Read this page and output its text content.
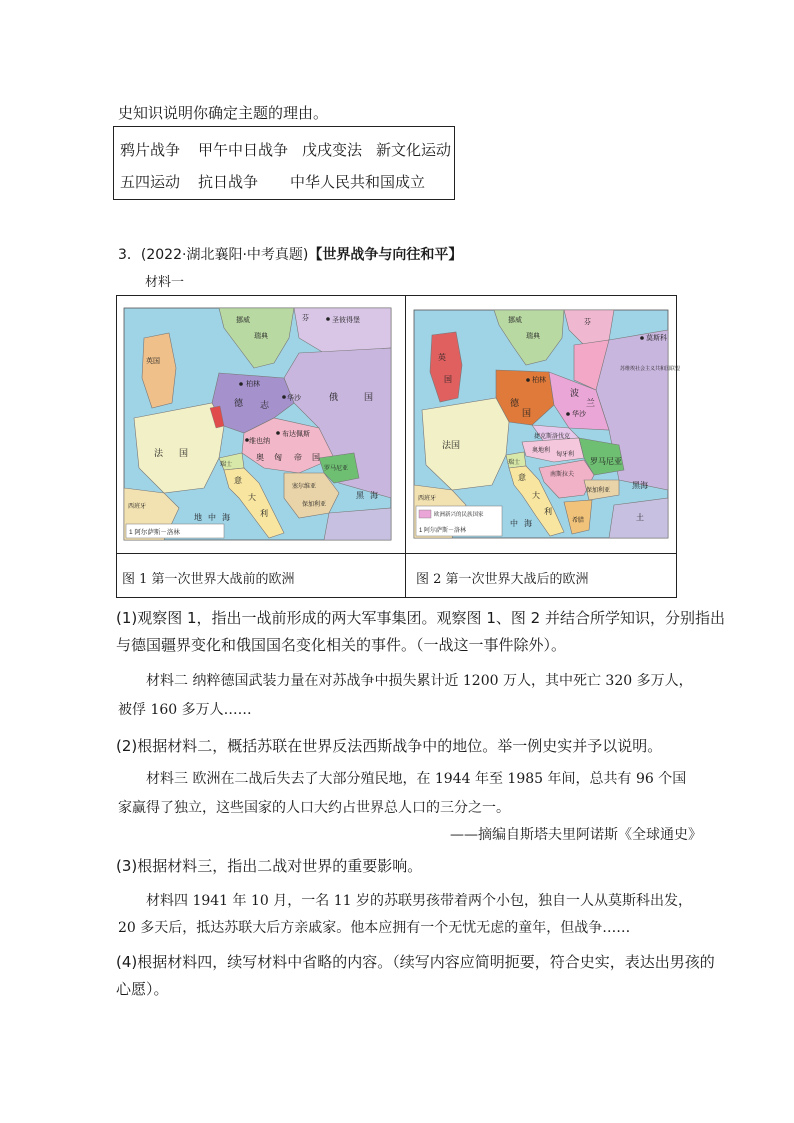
史知识说明你确定主题的理由。
鸦片战争 甲午中日战争 戊戌变法 新文化运动
五四运动 抗日战争 中华人民共和国成立
3．(2022·湖北襄阳·中考真题)【世界战争与向往和平】
材料一
挪威
瑞典
圣彼得堡
英国
柏林
华沙	俄	国
德 志
法 国
瑞士
维也纳
布达佩斯
奥 匈 帝 国
罗马尼亚
塞尔维亚
保加利亚
意
大
利
西班牙
地 中 海
黑 海
芬
1 阿尔萨斯－洛林
挪威
瑞典
芬
莫斯科
英
国	柏林
德
国
波
兰
华沙
苏维埃社会主义共和国联盟
法国
瑞士
捷克斯洛伐克
奥地利
匈牙利
罗马尼亚
南斯拉夫
保加利亚
意
大
利
西班牙
希腊	土
黑海
中 海
欧洲新兴的民族国家
1 阿尔萨斯－洛林
图 1 第一次世界大战前的欧洲	图 2 第一次世界大战后的欧洲
(1)观察图 1，指出一战前形成的两大军事集团。观察图 1、图 2 并结合所学知识，分别指出
与德国疆界变化和俄国国名变化相关的事件。（一战这一事件除外）。
材料二 纳粹德国武装力量在对苏战争中损失累计近 1200 万人，其中死亡 320 多万人，
被俘 160 多万人……
(2)根据材料二，概括苏联在世界反法西斯战争中的地位。举一例史实并予以说明。
材料三 欧洲在二战后失去了大部分殖民地，在 1944 年至 1985 年间，总共有 96 个国
家赢得了独立，这些国家的人口大约占世界总人口的三分之一。
——摘编自斯塔夫里阿诺斯《全球通史》
(3)根据材料三，指出二战对世界的重要影响。
材料四 1941 年 10 月，一名 11 岁的苏联男孩带着两个小包，独自一人从莫斯科出发，
20 多天后，抵达苏联大后方亲戚家。他本应拥有一个无忧无虑的童年，但战争……
(4)根据材料四，续写材料中省略的内容。（续写内容应简明扼要，符合史实，表达出男孩的
心愿）。
